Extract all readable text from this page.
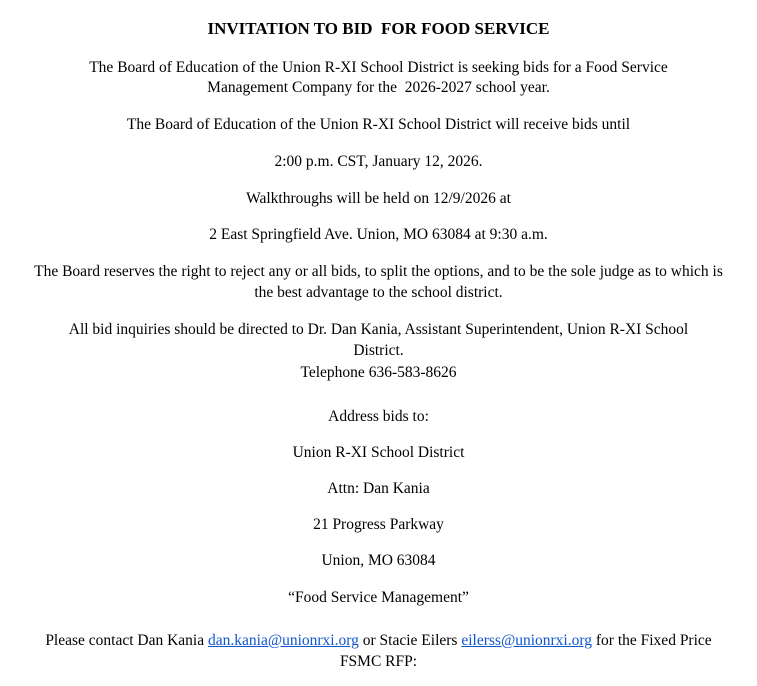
INVITATION TO BID  FOR FOOD SERVICE
The Board of Education of the Union R-XI School District is seeking bids for a Food Service
Management Company for the  2026-2027 school year.
The Board of Education of the Union R-XI School District will receive bids until
2:00 p.m. CST, January 12, 2026.
Walkthroughs will be held on 12/9/2026 at
2 East Springfield Ave. Union, MO 63084 at 9:30 a.m.
The Board reserves the right to reject any or all bids, to split the options, and to be the sole judge as to which is
the best advantage to the school district.
All bid inquiries should be directed to Dr. Dan Kania, Assistant Superintendent, Union R-XI School
District.
Telephone 636-583-8626
Address bids to:
Union R-XI School District
Attn: Dan Kania
21 Progress Parkway
Union, MO 63084
“Food Service Management”
Please contact Dan Kania dan.kania@unionrxi.org or Stacie Eilers eilerss@unionrxi.org for the Fixed Price
FSMC RFP:
